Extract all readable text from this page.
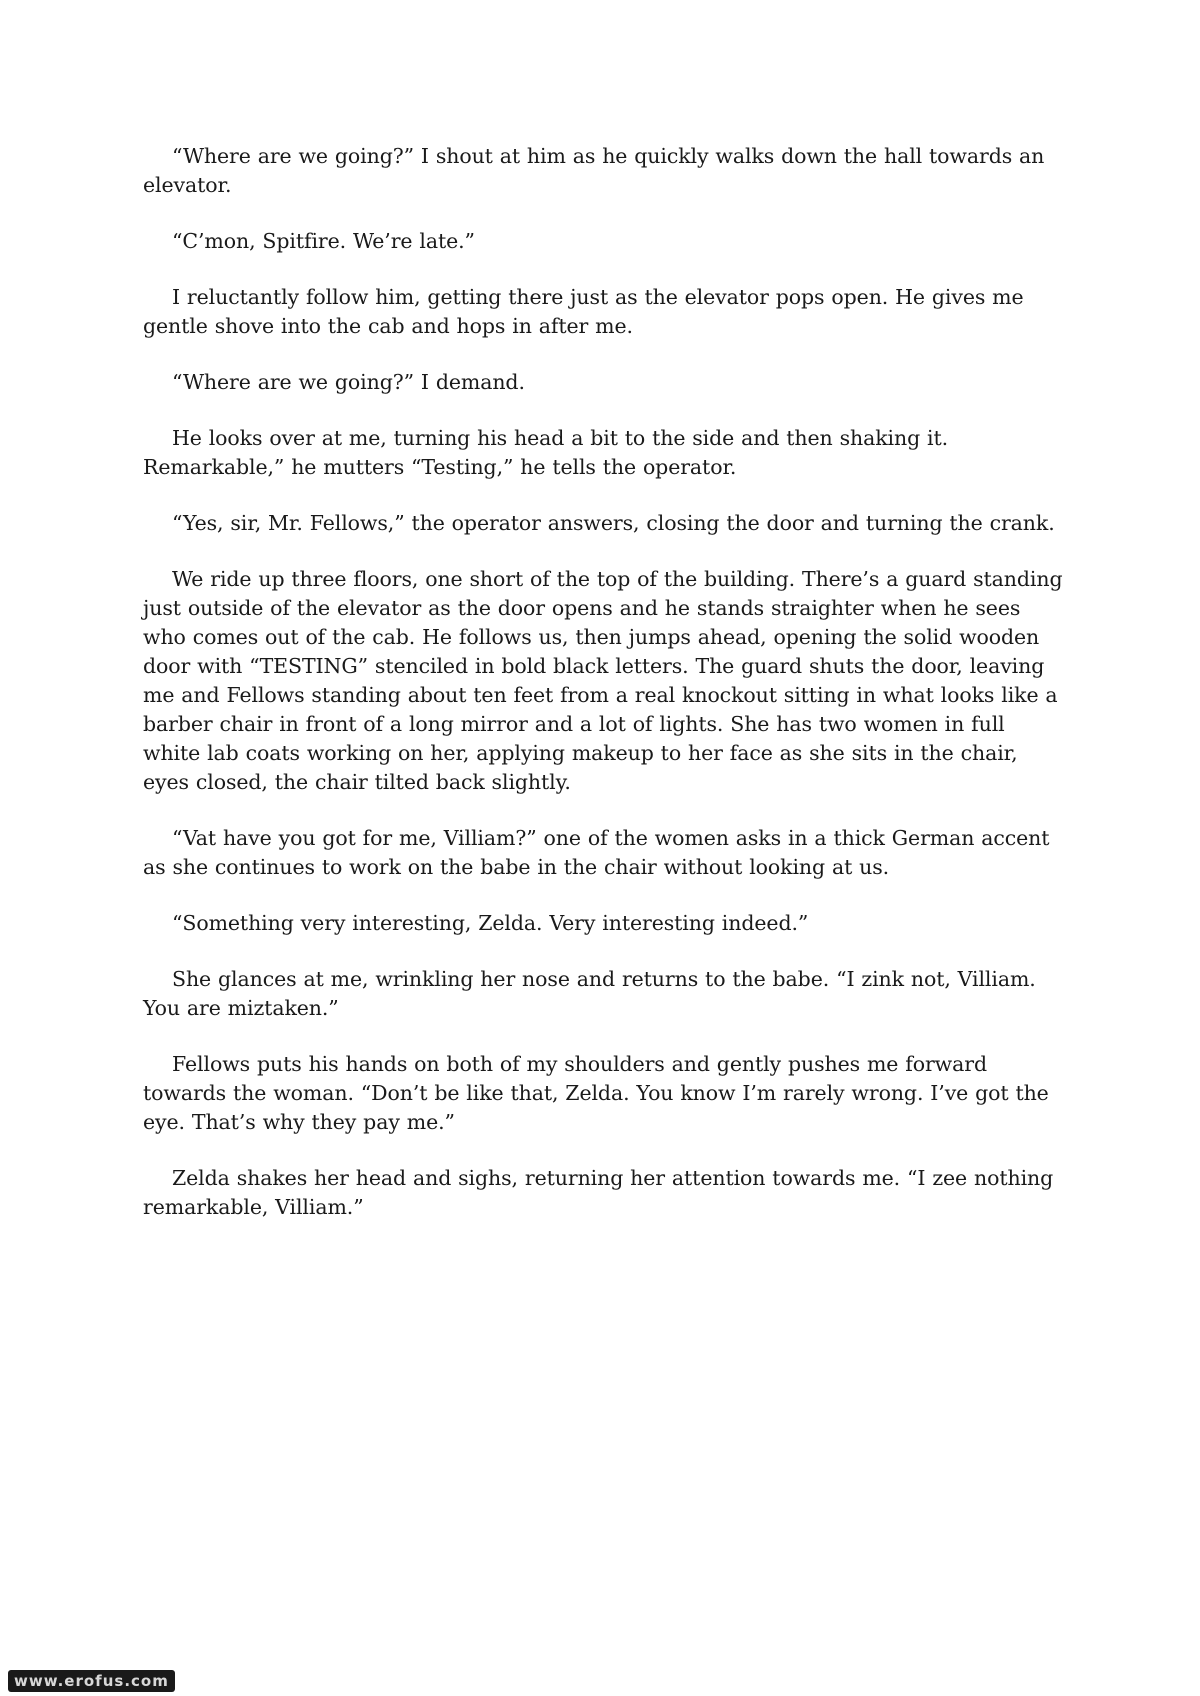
“Where are we going?” I shout at him as he quickly walks down the hall towards an elevator.

“C’mon, Spitfire. We’re late.”

I reluctantly follow him, getting there just as the elevator pops open. He gives me gentle shove into the cab and hops in after me.

“Where are we going?” I demand.

He looks over at me, turning his head a bit to the side and then shaking it. Remarkable,” he mutters “Testing,” he tells the operator.

“Yes, sir, Mr. Fellows,” the operator answers, closing the door and turning the crank.

We ride up three floors, one short of the top of the building. There’s a guard standing just outside of the elevator as the door opens and he stands straighter when he sees who comes out of the cab. He follows us, then jumps ahead, opening the solid wooden door with “TESTING” stenciled in bold black letters. The guard shuts the door, leaving me and Fellows standing about ten feet from a real knockout sitting in what looks like a barber chair in front of a long mirror and a lot of lights. She has two women in full white lab coats working on her, applying makeup to her face as she sits in the chair, eyes closed, the chair tilted back slightly.

“Vat have you got for me, Villiam?” one of the women asks in a thick German accent as she continues to work on the babe in the chair without looking at us.

“Something very interesting, Zelda. Very interesting indeed.”

She glances at me, wrinkling her nose and returns to the babe. “I zink not, Villiam. You are miztaken.”

Fellows puts his hands on both of my shoulders and gently pushes me forward towards the woman. “Don’t be like that, Zelda. You know I’m rarely wrong. I’ve got the eye. That’s why they pay me.”

Zelda shakes her head and sighs, returning her attention towards me. “I zee nothing remarkable, Villiam.”

www.erofus.com
